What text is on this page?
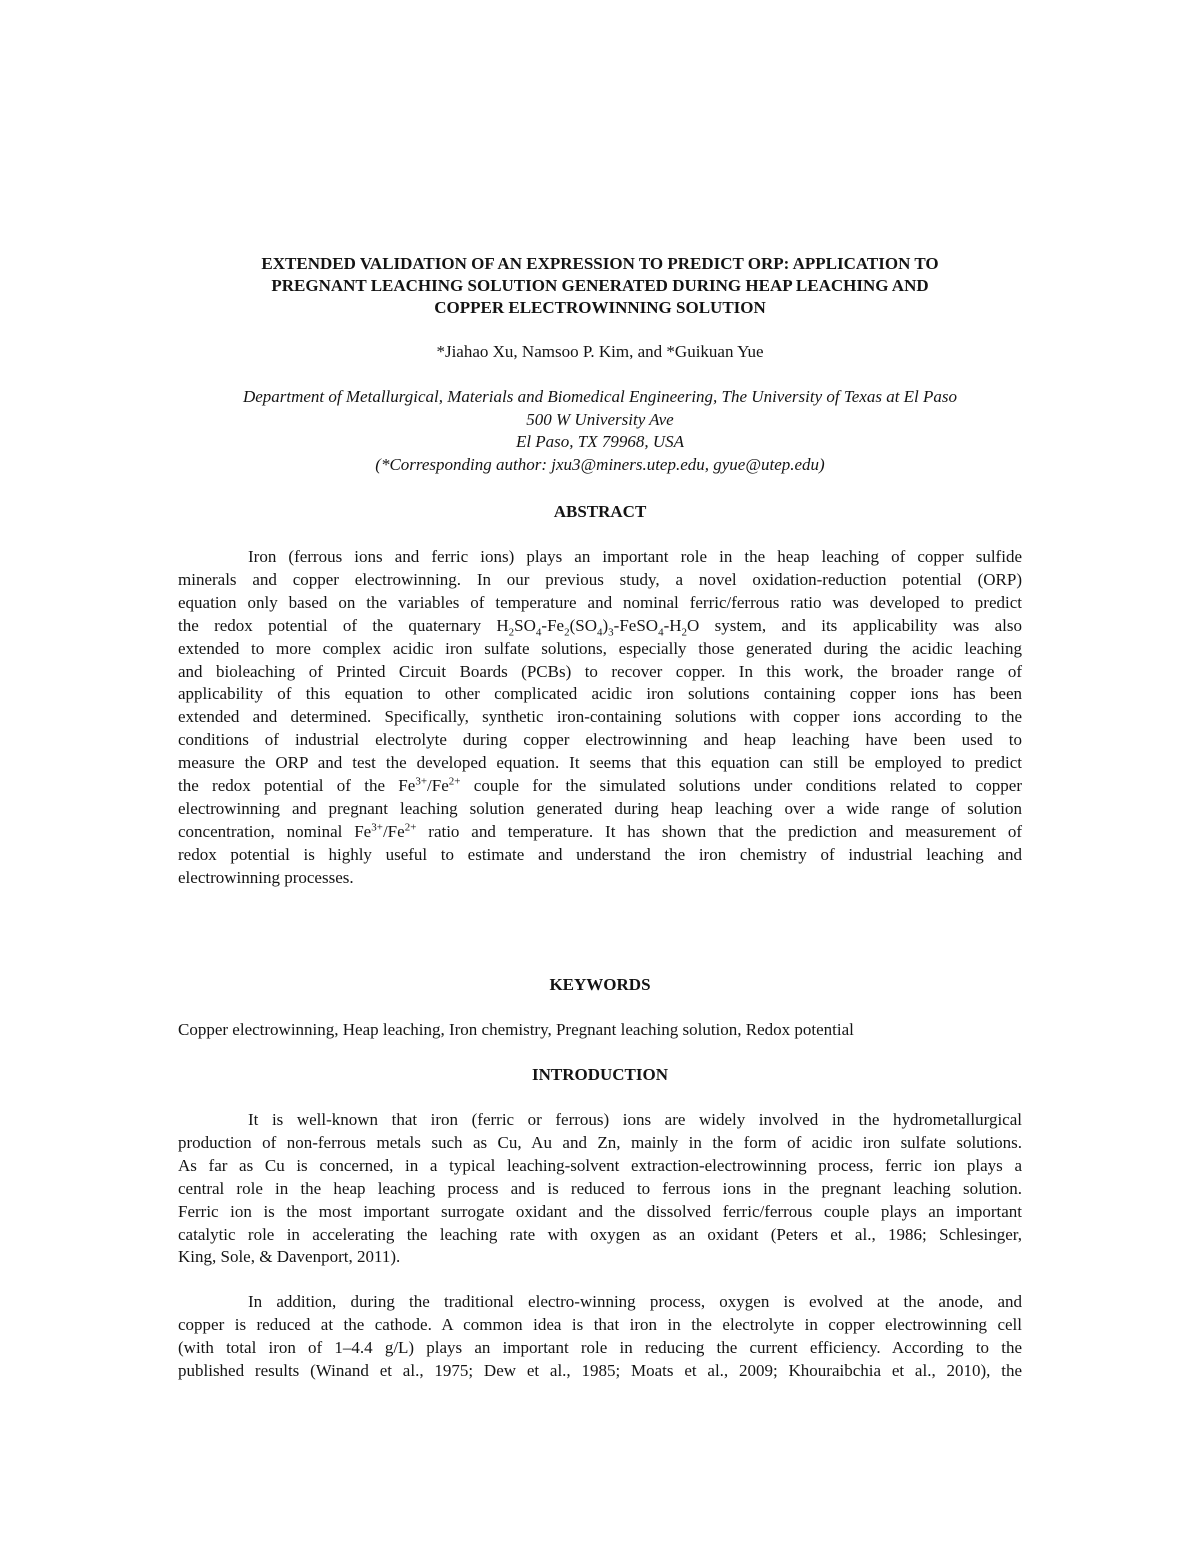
EXTENDED VALIDATION OF AN EXPRESSION TO PREDICT ORP: APPLICATION TO
PREGNANT LEACHING SOLUTION GENERATED DURING HEAP LEACHING AND
COPPER ELECTROWINNING SOLUTION
*Jiahao Xu, Namsoo P. Kim, and *Guikuan Yue
Department of Metallurgical, Materials and Biomedical Engineering, The University of Texas at El Paso
500 W University Ave
El Paso, TX 79968, USA
(*Corresponding author: jxu3@miners.utep.edu, gyue@utep.edu)
ABSTRACT
Iron (ferrous ions and ferric ions) plays an important role in the heap leaching of copper sulfide
minerals and copper electrowinning. In our previous study, a novel oxidation-reduction potential (ORP)
equation only based on the variables of temperature and nominal ferric/ferrous ratio was developed to predict
the redox potential of the quaternary $H_2SO_4-Fe_2(SO_4)_3-FeSO_4-H_2O$ system, and its applicability was also
extended to more complex acidic iron sulfate solutions, especially those generated during the acidic leaching
and bioleaching of Printed Circuit Boards (PCBs) to recover copper. In this work, the broader range of
applicability of this equation to other complicated acidic iron solutions containing copper ions has been
extended and determined. Specifically, synthetic iron-containing solutions with copper ions according to the
conditions of industrial electrolyte during copper electrowinning and heap leaching have been used to
measure the ORP and test the developed equation. It seems that this equation can still be employed to predict
the redox potential of the $Fe^{3+}/Fe^{2+}$ couple for the simulated solutions under conditions related to copper
electrowinning and pregnant leaching solution generated during heap leaching over a wide range of solution
concentration, nominal $Fe^{3+}/Fe^{2+}$ ratio and temperature. It has shown that the prediction and measurement of
redox potential is highly useful to estimate and understand the iron chemistry of industrial leaching and
electrowinning processes.
KEYWORDS
Copper electrowinning, Heap leaching, Iron chemistry, Pregnant leaching solution, Redox potential
INTRODUCTION
It is well-known that iron (ferric or ferrous) ions are widely involved in the hydrometallurgical
production of non-ferrous metals such as Cu, Au and Zn, mainly in the form of acidic iron sulfate solutions.
As far as Cu is concerned, in a typical leaching-solvent extraction-electrowinning process, ferric ion plays a
central role in the heap leaching process and is reduced to ferrous ions in the pregnant leaching solution.
Ferric ion is the most important surrogate oxidant and the dissolved ferric/ferrous couple plays an important
catalytic role in accelerating the leaching rate with oxygen as an oxidant (Peters et al., 1986; Schlesinger,
King, Sole, & Davenport, 2011).
In addition, during the traditional electro-winning process, oxygen is evolved at the anode, and
copper is reduced at the cathode. A common idea is that iron in the electrolyte in copper electrowinning cell
(with total iron of 1–4.4 g/L) plays an important role in reducing the current efficiency. According to the
published results (Winand et al., 1975; Dew et al., 1985; Moats et al., 2009; Khouraibchia et al., 2010), the
